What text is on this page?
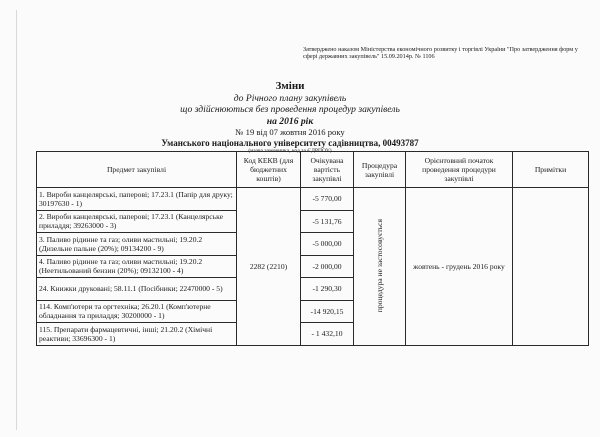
Затверджено наказом Міністерства економічного розвитку і торгівлі України "Про затвердження форм у сфері державних закупівель" 15.09.2014р. № 1106
Зміни
до Річного плану закупівель
що здійснюються без проведення процедур закупівель
на 2016 рік
№ 19 від 07 жовтня 2016 року
Уманського національного університету садівництва, 00493787
(назва замовника, код за ЄДРПОУ)
Предмет закупівлі	Код КЕКВ (для бюджетних коштів)	Очікувана вартість закупівлі	Процедура закупівлі	Орієнтовний початок проведення процедури закупівлі	Примітки
1. Вироби канцелярські, паперові; 17.23.1 (Папір для друку; 30197630 - 1)	2282 (2210)	-5 770,00	процедура не застосовується	жовтень - грудень 2016 року	
2. Вироби канцелярські, паперові; 17.23.1 (Канцелярське приладдя; 39263000 - 3)		-5 131,76			
3. Паливо рідинне та газ; оливи мастильні; 19.20.2 (Дизельне пальне (20%); 09134200 - 9)		-5 000,00			
4. Паливо рідинне та газ; оливи мастильні; 19.20.2 (Неетильований бензин (20%); 09132100 - 4)		-2 000,00			
24. Книжки друковані; 58.11.1 (Посібники; 22470000 - 5)		-1 290,30			
114. Комп'ютери та оргтехніка; 26.20.1 (Комп'ютерне обладнання та приладдя; 30200000 - 1)		-14 920,15			
115. Препарати фармацевтичні, інші; 21.20.2 (Хімічні реактиви; 33696300 - 1)		- 1 432,10			
